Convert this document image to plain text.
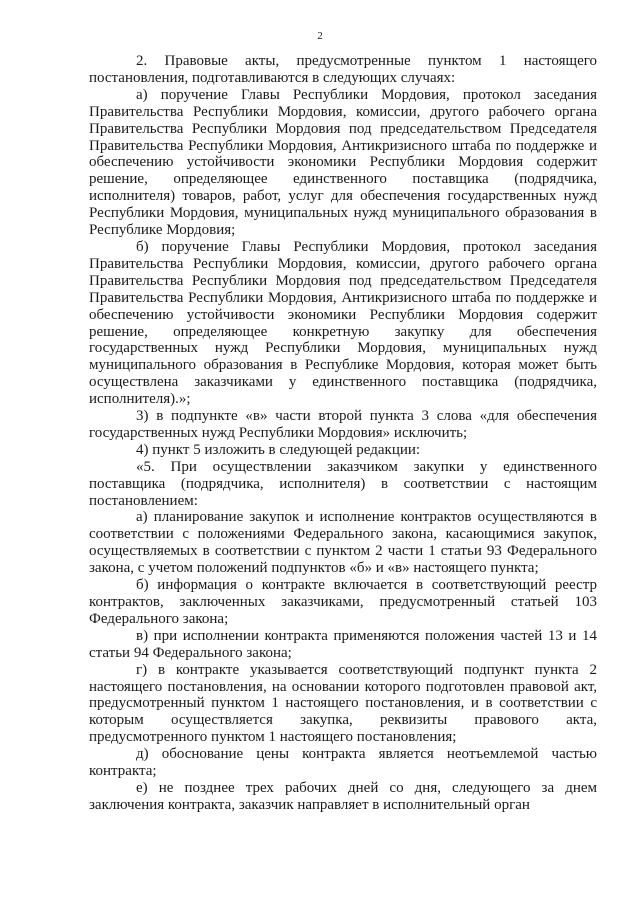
2

2. Правовые акты, предусмотренные пунктом 1 настоящего постановления, подготавливаются в следующих случаях:

а) поручение Главы Республики Мордовия, протокол заседания Правительства Республики Мордовия, комиссии, другого рабочего органа Правительства Республики Мордовия под председательством Председателя Правительства Республики Мордовия, Антикризисного штаба по поддержке и обеспечению устойчивости экономики Республики Мордовия содержит решение, определяющее единственного поставщика (подрядчика, исполнителя) товаров, работ, услуг для обеспечения государственных нужд Республики Мордовия, муниципальных нужд муниципального образования в Республике Мордовия;

б) поручение Главы Республики Мордовия, протокол заседания Правительства Республики Мордовия, комиссии, другого рабочего органа Правительства Республики Мордовия под председательством Председателя Правительства Республики Мордовия, Антикризисного штаба по поддержке и обеспечению устойчивости экономики Республики Мордовия содержит решение, определяющее конкретную закупку для обеспечения государственных нужд Республики Мордовия, муниципальных нужд муниципального образования в Республике Мордовия, которая может быть осуществлена заказчиками у единственного поставщика (подрядчика, исполнителя).»;

3) в подпункте «в» части второй пункта 3 слова «для обеспечения государственных нужд Республики Мордовия» исключить;

4) пункт 5 изложить в следующей редакции:

«5. При осуществлении заказчиком закупки у единственного поставщика (подрядчика, исполнителя) в соответствии с настоящим постановлением:

а) планирование закупок и исполнение контрактов осуществляются в соответствии с положениями Федерального закона, касающимися закупок, осуществляемых в соответствии с пунктом 2 части 1 статьи 93 Федерального закона, с учетом положений подпунктов «б» и «в» настоящего пункта;

б) информация о контракте включается в соответствующий реестр контрактов, заключенных заказчиками, предусмотренный статьей 103 Федерального закона;

в) при исполнении контракта применяются положения частей 13 и 14 статьи 94 Федерального закона;

г) в контракте указывается соответствующий подпункт пункта 2 настоящего постановления, на основании которого подготовлен правовой акт, предусмотренный пунктом 1 настоящего постановления, и в соответствии с которым осуществляется закупка, реквизиты правового акта, предусмотренного пунктом 1 настоящего постановления;

д) обоснование цены контракта является неотъемлемой частью контракта;

е) не позднее трех рабочих дней со дня, следующего за днем заключения контракта, заказчик направляет в исполнительный орган
